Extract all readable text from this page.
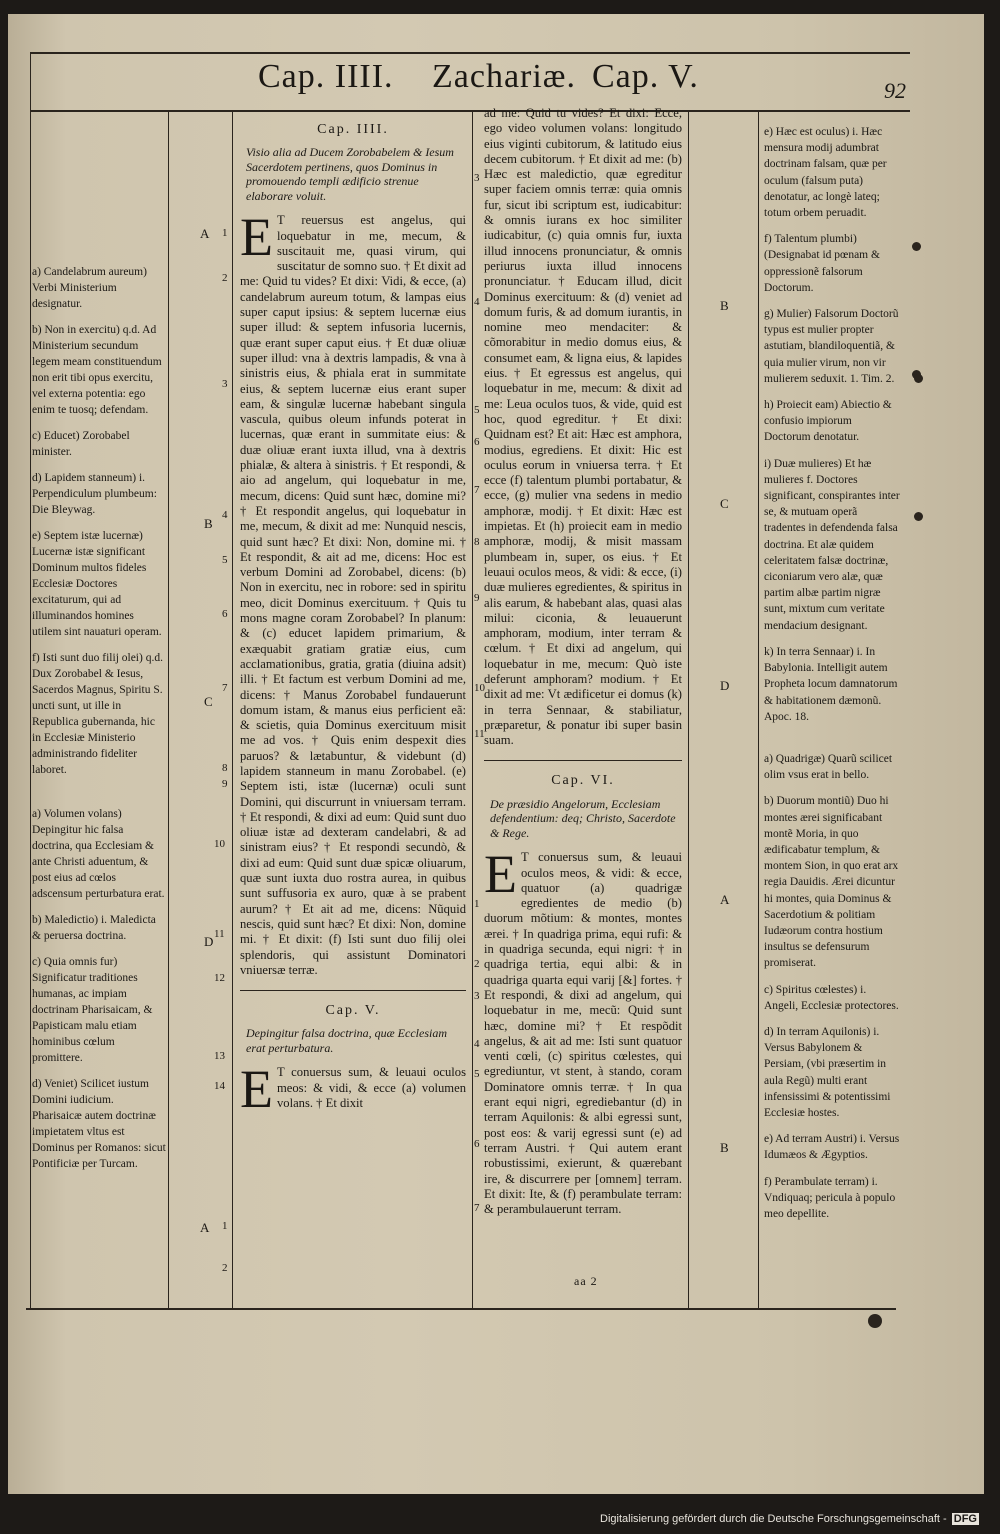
Cap. IIII. Zachariæ. Cap. V.	92

a) Candelabrum aureum) Verbi Ministerium designatur.

b) Non in exercitu) q.d. Ad Ministerium secundum legem meam constituendum non erit tibi opus exercitu, vel externa potentia: ego enim te tuosq; defendam.

c) Educet) Zorobabel minister.

d) Lapidem stanneum) i. Perpendiculum plumbeum: Die Bleywag.

e) Septem istæ lucernæ) Lucernæ istæ significant Dominum multos fideles Ecclesiæ Doctores excitaturum, qui ad illuminandos homines utilem sint nauaturi operam.

f) Isti sunt duo filij olei) q.d. Dux Zorobabel & Iesus, Sacerdos Magnus, Spiritu S. uncti sunt, ut ille in Republica gubernanda, hic in Ecclesiæ Ministerio administrando fideliter laboret.

a) Volumen volans) Depingitur hic falsa doctrina, qua Ecclesiam & ante Christi aduentum, & post eius ad cœlos adscensum perturbatura erat.

b) Maledictio) i. Maledicta & peruersa doctrina.

c) Quia omnis fur) Significatur traditiones humanas, ac impiam doctrinam Pharisaicam, & Papisticam malu etiam hominibus cœlum promittere.

d) Veniet) Scilicet iustum Domini iudicium. Pharisaicæ autem doctrinæ impietatem vltus est Dominus per Romanos: sicut Pontificiæ per Turcam.

A
B
C
D
A
1
2
3
4
5
6
7
8
9
10
11
12
13
14
1
2
Cap. IIII.
Visio alia ad Ducem Zorobabelem & Iesum Sacerdotem pertinens, quos Dominus in promouendo templi ædificio strenue elaborare voluit.
E T reuersus est angelus, qui loquebatur in me, mecum, & suscitauit me, quasi virum, qui suscitatur de somno suo. † Et dixit ad me: Quid tu vides? Et dixi: Vidi, & ecce, (a) candelabrum aureum totum, & lampas eius super caput ipsius: & septem lucernæ eius super illud: & septem infusoria lucernis, quæ erant super caput eius. † Et duæ oliuæ super illud: vna à dextris lampadis, & vna à sinistris eius, & phiala erat in summitate eius, & septem lucernæ eius erant super eam, & singulæ lucernæ habebant singula vascula, quibus oleum infunds poterat in lucernas, quæ erant in summitate eius: & duæ oliuæ erant iuxta illud, vna à dextris phialæ, & altera à sinistris. † Et respondi, & aio ad angelum, qui loquebatur in me, mecum, dicens: Quid sunt hæc, domine mi? † Et respondit angelus, qui loquebatur in me, mecum, & dixit ad me: Nunquid nescis, quid sunt hæc? Et dixi: Non, domine mi. † Et respondit, & ait ad me, dicens: Hoc est verbum Domini ad Zorobabel, dicens: (b) Non in exercitu, nec in robore: sed in spiritu meo, dicit Dominus exercituum. † Quis tu mons magne coram Zorobabel? In planum: & (c) educet lapidem primarium, & exæquabit gratiam gratiæ eius, cum acclamationibus, gratia, gratia (diuina adsit) illi. † Et factum est verbum Domini ad me, dicens: † Manus Zorobabel fundauerunt domum istam, & manus eius perficient eã: & scietis, quia Dominus exercituum misit me ad vos. † Quis enim despexit dies paruos? & lætabuntur, & videbunt (d) lapidem stanneum in manu Zorobabel. (e) Septem isti, istæ (lucernæ) oculi sunt Domini, qui discurrunt in vniuersam terram. † Et respondi, & dixi ad eum: Quid sunt duo oliuæ istæ ad dexteram candelabri, & ad sinistram eius? † Et respondi secundò, & dixi ad eum: Quid sunt duæ spicæ oliuarum, quæ sunt iuxta duo rostra aurea, in quibus sunt suffusoria ex auro, quæ à se prabent aurum? † Et ait ad me, dicens: Nũquid nescis, quid sunt hæc? Et dixi: Non, domine mi. † Et dixit: (f) Isti sunt duo filij olei splendoris, qui assistunt Dominatori vniuersæ terræ.
Cap. V.
Depingitur falsa doctrina, quæ Ecclesiam erat perturbatura.
E T conuersus sum, & leuaui oculos meos: & vidi, & ecce (a) volumen volans. † Et dixit
3
4
5
6
7
8
9
10
11
1
2
3
4
5
6
7
ad me: Quid tu vides? Et dixi: Ecce, ego video volumen volans: longitudo eius viginti cubitorum, & latitudo eius decem cubitorum. † Et dixit ad me: (b) Hæc est maledictio, quæ egreditur super faciem omnis terræ: quia omnis fur, sicut ibi scriptum est, iudicabitur: & omnis iurans ex hoc similiter iudicabitur, (c) quia omnis fur, iuxta illud innocens pronunciatur, & omnis periurus iuxta illud innocens pronunciatur. † Educam illud, dicit Dominus exercituum: & (d) veniet ad domum furis, & ad domum iurantis, in nomine meo mendaciter: & cõmorabitur in medio domus eius, & consumet eam, & ligna eius, & lapides eius. † Et egressus est angelus, qui loquebatur in me, mecum: & dixit ad me: Leua oculos tuos, & vide, quid est hoc, quod egreditur. † Et dixi: Quidnam est? Et ait: Hæc est amphora, modius, egrediens. Et dixit: Hic est oculus eorum in vniuersa terra. † Et ecce (f) talentum plumbi portabatur, & ecce, (g) mulier vna sedens in medio amphoræ, modij. † Et dixit: Hæc est impietas. Et (h) proiecit eam in medio amphoræ, modij, & misit massam plumbeam in, super, os eius. † Et leuaui oculos meos, & vidi: & ecce, (i) duæ mulieres egredientes, & spiritus in alis earum, & habebant alas, quasi alas milui: ciconia, & leuauerunt amphoram, modium, inter terram & cœlum. † Et dixi ad angelum, qui loquebatur in me, mecum: Quò iste deferunt amphoram? modium. † Et dixit ad me: Vt ædificetur ei domus (k) in terra Sennaar, & stabiliatur, præparetur, & ponatur ibi super basin suam.
Cap. VI.
De præsidio Angelorum, Ecclesiam defendentium: deq; Christo, Sacerdote & Rege.
E T conuersus sum, & leuaui oculos meos, & vidi: & ecce, quatuor (a) quadrigæ egredientes de medio (b) duorum mõtium: & montes, montes ærei. † In quadriga prima, equi rufi: & in quadriga secunda, equi nigri: † in quadriga tertia, equi albi: & in quadriga quarta equi varij [&] fortes. † Et respondi, & dixi ad angelum, qui loquebatur in me, mecũ: Quid sunt hæc, domine mi? † Et respõdit angelus, & ait ad me: Isti sunt quatuor venti cœli, (c) spiritus cœlestes, qui egrediuntur, vt stent, à stando, coram Dominatore omnis terræ. † In qua erant equi nigri, egrediebantur (d) in terram Aquilonis: & albi egressi sunt, post eos: & varij egressi sunt (e) ad terram Austri. † Qui autem erant robustissimi, exierunt, & quærebant ire, & discurrere per [omnem] terram. Et dixit: Ite, & (f) perambulate terram: & perambulauerunt terram.
aa 2
B
C
D
A
B

e) Hæc est oculus) i. Hæc mensura modij adumbrat doctrinam falsam, quæ per oculum (falsum puta) denotatur, ac longè lateq; totum orbem peruadit.

f) Talentum plumbi) (Designabat id pœnam & oppressionẽ falsorum Doctorum.

g) Mulier) Falsorum Doctorũ typus est mulier propter astutiam, blandiloquentiã, & quia mulier virum, non vir mulierem seduxit. 1. Tim. 2.

h) Proiecit eam) Abiectio & confusio impiorum Doctorum denotatur.

i) Duæ mulieres) Et hæ mulieres f. Doctores significant, conspirantes inter se, & mutuam operã tradentes in defendenda falsa doctrina. Et alæ quidem celeritatem falsæ doctrinæ, ciconiarum vero alæ, quæ partim albæ partim nigræ sunt, mixtum cum veritate mendacium designant.

k) In terra Sennaar) i. In Babylonia. Intelligit autem Propheta locum damnatorum & habitationem dæmonũ. Apoc. 18.

a) Quadrigæ) Quarũ scilicet olim vsus erat in bello.

b) Duorum montiũ) Duo hi montes ærei significabant montẽ Moria, in quo ædificabatur templum, & montem Sion, in quo erat arx regia Dauidis. Ærei dicuntur hi montes, quia Dominus & Sacerdotium & politiam Iudæorum contra hostium insultus se defensurum promiserat.

c) Spiritus cœlestes) i. Angeli, Ecclesiæ protectores.

d) In terram Aquilonis) i. Versus Babylonem & Persiam, (vbi præsertim in aula Regũ) multi erant infensissimi & potentissimi Ecclesiæ hostes.

e) Ad terram Austri) i. Versus Idumæos & Ægyptios.

f) Perambulate terram) i. Vndiquaq; pericula à populo meo depellite.

Digitalisierung gefördert durch die Deutsche Forschungsgemeinschaft - DFG
